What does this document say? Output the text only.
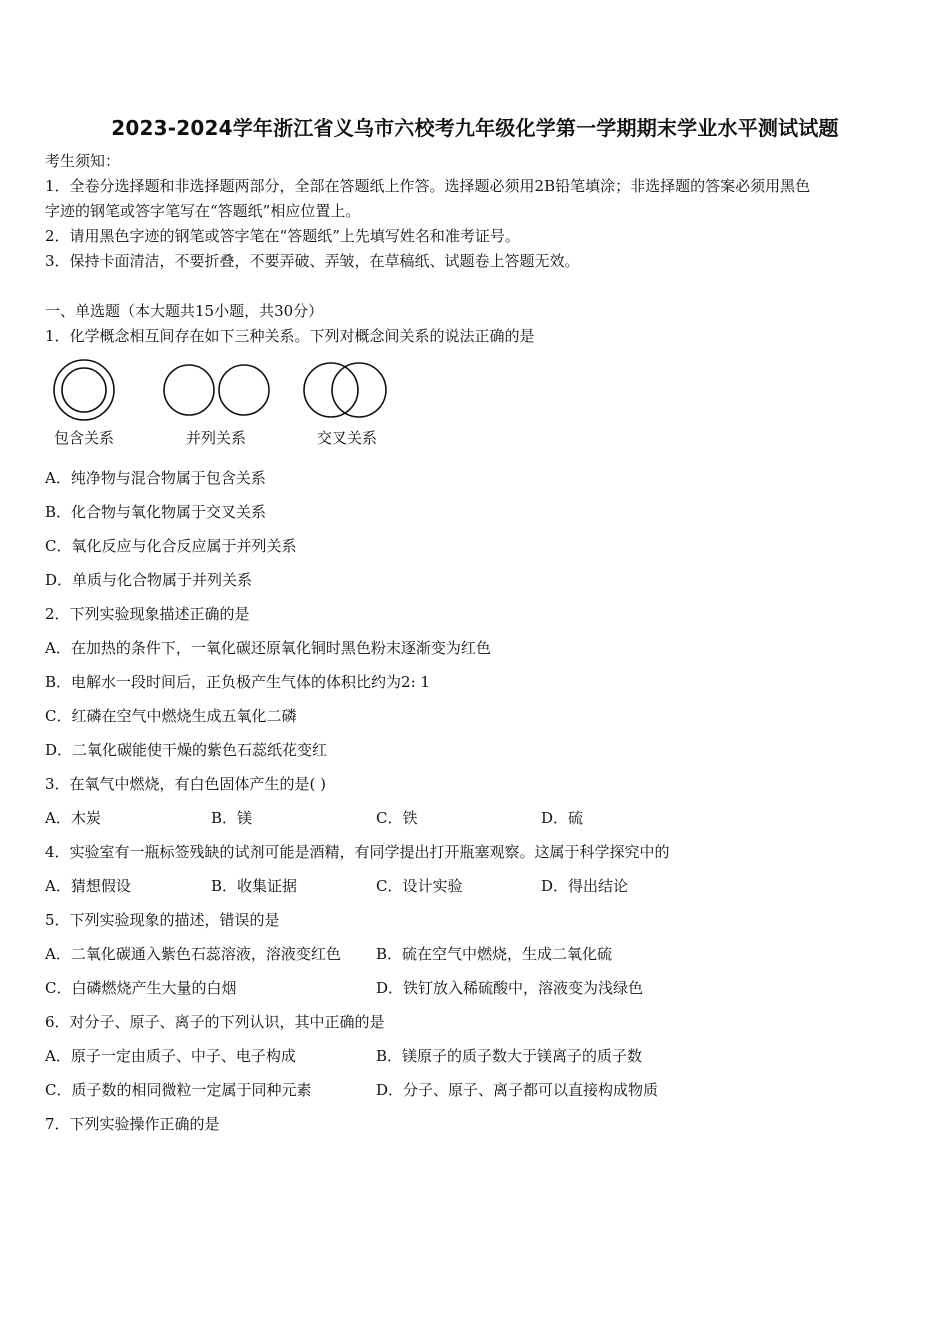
2023-2024学年浙江省义乌市六校考九年级化学第一学期期末学业水平测试试题
考生须知：
1．全卷分选择题和非选择题两部分，全部在答题纸上作答。选择题必须用2B铅笔填涂；非选择题的答案必须用黑色
字迹的钢笔或答字笔写在“答题纸”相应位置上。
2．请用黑色字迹的钢笔或答字笔在“答题纸”上先填写姓名和准考证号。
3．保持卡面清洁，不要折叠，不要弄破、弄皱，在草稿纸、试题卷上答题无效。
一、单选题（本大题共15小题，共30分）
1．化学概念相互间存在如下三种关系。下列对概念间关系的说法正确的是
包含关系	并列关系	交叉关系
A．纯净物与混合物属于包含关系
B．化合物与氧化物属于交叉关系
C．氧化反应与化合反应属于并列关系
D．单质与化合物属于并列关系
2．下列实验现象描述正确的是
A．在加热的条件下，一氧化碳还原氧化铜时黑色粉末逐渐变为红色
B．电解水一段时间后，正负极产生气体的体积比约为2: 1
C．红磷在空气中燃烧生成五氧化二磷
D．二氧化碳能使干燥的紫色石蕊纸花变红
3．在氧气中燃烧，有白色固体产生的是( )
A．木炭	B．镁	C．铁	D．硫
4．实验室有一瓶标签残缺的试剂可能是酒精，有同学提出打开瓶塞观察。这属于科学探究中的
A．猜想假设	B．收集证据	C．设计实验	D．得出结论
5．下列实验现象的描述，错误的是
A．二氧化碳通入紫色石蕊溶液，溶液变红色 B．硫在空气中燃烧，生成二氧化硫
C．白磷燃烧产生大量的白烟	D．铁钉放入稀硫酸中，溶液变为浅绿色
6．对分子、原子、离子的下列认识，其中正确的是
A．原子一定由质子、中子、电子构成	B．镁原子的质子数大于镁离子的质子数
C．质子数的相同微粒一定属于同种元素	D．分子、原子、离子都可以直接构成物质
7．下列实验操作正确的是
